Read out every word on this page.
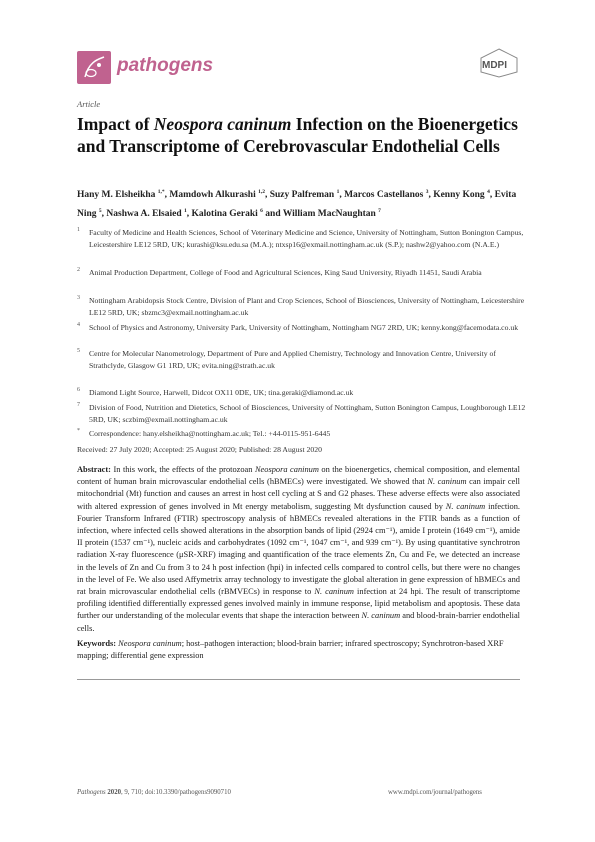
pathogens	MDPI
Article
Impact of Neospora caninum Infection on the Bioenergetics and Transcriptome of Cerebrovascular Endothelial Cells
Hany M. Elsheikha $^{1,*}$, Mamdowh Alkurashi $^{1,2}$, Suzy Palfreman $^1$, Marcos Castellanos $^3$, Kenny Kong $^4$, Evita Ning $^5$, Nashwa A. Elsaied $^1$, Kalotina Geraki $^6$ and William MacNaughtan $^7$
1 Faculty of Medicine and Health Sciences, School of Veterinary Medicine and Science, University of Nottingham, Sutton Bonington Campus, Leicestershire LE12 5RD, UK; kurashi@ksu.edu.sa (M.A.); ntxsp16@exmail.nottingham.ac.uk (S.P.); nashw2@yahoo.com (N.A.E.)
2 Animal Production Department, College of Food and Agricultural Sciences, King Saud University, Riyadh 11451, Saudi Arabia
3 Nottingham Arabidopsis Stock Centre, Division of Plant and Crop Sciences, School of Biosciences, University of Nottingham, Leicestershire LE12 5RD, UK; sbzmc3@exmail.nottingham.ac.uk
4 School of Physics and Astronomy, University Park, University of Nottingham, Nottingham NG7 2RD, UK; kenny.kong@facemodata.co.uk
5 Centre for Molecular Nanometrology, Department of Pure and Applied Chemistry, Technology and Innovation Centre, University of Strathclyde, Glasgow G1 1RD, UK; evita.ning@strath.ac.uk
6 Diamond Light Source, Harwell, Didcot OX11 0DE, UK; tina.geraki@diamond.ac.uk
7 Division of Food, Nutrition and Dietetics, School of Biosciences, University of Nottingham, Sutton Bonington Campus, Loughborough LE12 5RD, UK; sczbim@exmail.nottingham.ac.uk
* Correspondence: hany.elsheikha@nottingham.ac.uk; Tel.: +44-0115-951-6445
Received: 27 July 2020; Accepted: 25 August 2020; Published: 28 August 2020
Abstract: In this work, the effects of the protozoan Neospora caninum on the bioenergetics, chemical composition, and elemental content of human brain microvascular endothelial cells (hBMECs) were investigated. We showed that N. caninum can impair cell mitochondrial (Mt) function and causes an arrest in host cell cycling at S and G2 phases. These adverse effects were also associated with altered expression of genes involved in Mt energy metabolism, suggesting Mt dysfunction caused by N. caninum infection. Fourier Transform Infrared (FTIR) spectroscopy analysis of hBMECs revealed alterations in the FTIR bands as a function of infection, where infected cells showed alterations in the absorption bands of lipid (2924 cm⁻¹), amide I protein (1649 cm⁻¹), amide II protein (1537 cm⁻¹), nucleic acids and carbohydrates (1092 cm⁻¹, 1047 cm⁻¹, and 939 cm⁻¹). By using quantitative synchrotron radiation X-ray fluorescence (μSR-XRF) imaging and quantification of the trace elements Zn, Cu and Fe, we detected an increase in the levels of Zn and Cu from 3 to 24 h post infection (hpi) in infected cells compared to control cells, but there were no changes in the level of Fe. We also used Affymetrix array technology to investigate the global alteration in gene expression of hBMECs and rat brain microvascular endothelial cells (rBMVECs) in response to N. caninum infection at 24 hpi. The result of transcriptome profiling identified differentially expressed genes involved mainly in immune response, lipid metabolism and apoptosis. These data further our understanding of the molecular events that shape the interaction between N. caninum and blood-brain-barrier endothelial cells.
Keywords: Neospora caninum; host–pathogen interaction; blood-brain barrier; infrared spectroscopy; Synchrotron-based XRF mapping; differential gene expression
Pathogens 2020, 9, 710; doi:10.3390/pathogens9090710	www.mdpi.com/journal/pathogens
